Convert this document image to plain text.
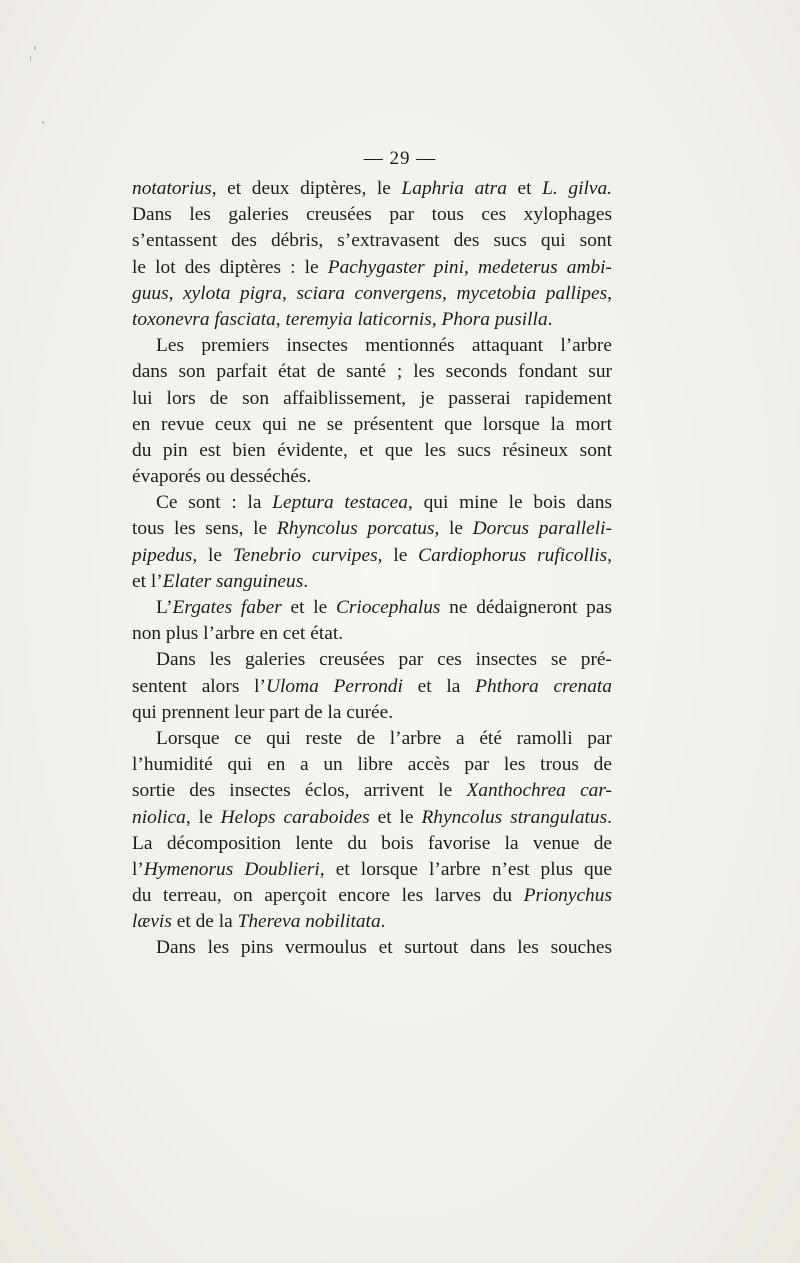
— 29 —
notatorius, et deux diptères, le Laphria atra et L. gilva.
Dans les galeries creusées par tous ces xylophages
s’entassent des débris, s’extravasent des sucs qui sont
le lot des diptères : le Pachygaster pini, medeterus ambi-
guus, xylota pigra, sciara convergens, mycetobia pallipes,
toxonevra fasciata, teremyia laticornis, Phora pusilla.
Les premiers insectes mentionnés attaquant l’arbre
dans son parfait état de santé ; les seconds fondant sur
lui lors de son affaiblissement, je passerai rapidement
en revue ceux qui ne se présentent que lorsque la mort
du pin est bien évidente, et que les sucs résineux sont
évaporés ou desséchés.
Ce sont : la Leptura testacea, qui mine le bois dans
tous les sens, le Rhyncolus porcatus, le Dorcus paralleli-
pipedus, le Tenebrio curvipes, le Cardiophorus ruficollis,
et l’Elater sanguineus.
L’Ergates faber et le Criocephalus ne dédaigneront pas
non plus l’arbre en cet état.
Dans les galeries creusées par ces insectes se pré-
sentent alors l’Uloma Perrondi et la Phthora crenata
qui prennent leur part de la curée.
Lorsque ce qui reste de l’arbre a été ramolli par
l’humidité qui en a un libre accès par les trous de
sortie des insectes éclos, arrivent le Xanthochrea car-
niolica, le Helops caraboides et le Rhyncolus strangulatus.
La décomposition lente du bois favorise la venue de
l’Hymenorus Doublieri, et lorsque l’arbre n’est plus que
du terreau, on aperçoit encore les larves du Prionychus
lævis et de la Thereva nobilitata.
Dans les pins vermoulus et surtout dans les souches
